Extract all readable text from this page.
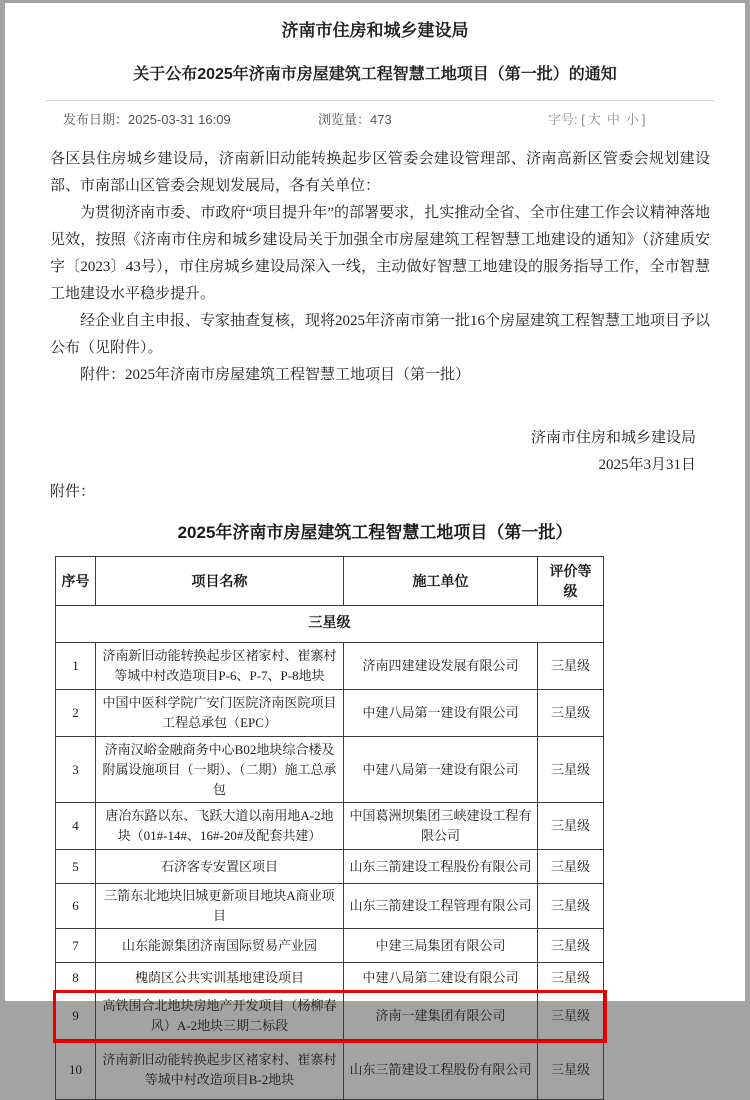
济南市住房和城乡建设局
关于公布2025年济南市房屋建筑工程智慧工地项目（第一批）的通知
发布日期：2025-03-31 16:09	浏览量：473	字号: [ 大 中 小 ]

各区县住房城乡建设局，济南新旧动能转换起步区管委会建设管理部、济南高新区管委会规划建设部、市南部山区管委会规划发展局，各有关单位：

为贯彻济南市委、市政府“项目提升年”的部署要求，扎实推动全省、全市住建工作会议精神落地见效，按照《济南市住房和城乡建设局关于加强全市房屋建筑工程智慧工地建设的通知》（济建质安字〔2023〕43号），市住房城乡建设局深入一线，主动做好智慧工地建设的服务指导工作，全市智慧工地建设水平稳步提升。

经企业自主申报、专家抽查复核，现将2025年济南市第一批16个房屋建筑工程智慧工地项目予以公布（见附件）。

附件：2025年济南市房屋建筑工程智慧工地项目（第一批）

济南市住房和城乡建设局
2025年3月31日

附件：

2025年济南市房屋建筑工程智慧工地项目（第一批）
序号	项目名称	施工单位	评价等级
三星级			
1	济南新旧动能转换起步区褚家村、崔寨村等城中村改造项目P-6、P-7、P-8地块	济南四建建设发展有限公司	三星级
2	中国中医科学院广安门医院济南医院项目工程总承包（EPC）	中建八局第一建设有限公司	三星级
3	济南汉峪金融商务中心B02地块综合楼及附属设施项目（一期）、（二期）施工总承包	中建八局第一建设有限公司	三星级
4	唐冶东路以东、飞跃大道以南用地A-2地块（01#-14#、16#-20#及配套共建）	中国葛洲坝集团三峡建设工程有限公司	三星级
5	石济客专安置区项目	山东三箭建设工程股份有限公司	三星级
6	三箭东北地块旧城更新项目地块A商业项目	山东三箭建设工程管理有限公司	三星级
7	山东能源集团济南国际贸易产业园	中建三局集团有限公司	三星级
8	槐荫区公共实训基地建设项目	中建八局第二建设有限公司	三星级
9	高铁围合北地块房地产开发项目（杨柳春风）A-2地块三期二标段	济南一建集团有限公司	三星级
10	济南新旧动能转换起步区褚家村、崔寨村等城中村改造项目B-2地块	山东三箭建设工程股份有限公司	三星级
